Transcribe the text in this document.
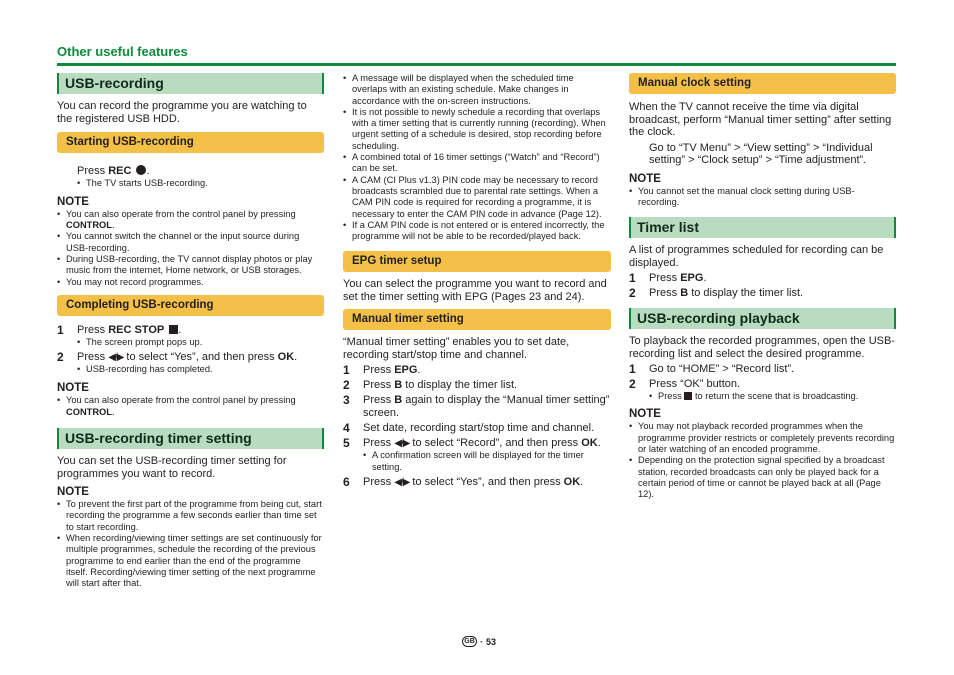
Other useful features
USB-recording
You can record the programme you are watching to the registered USB HDD.
Starting USB-recording
Press REC .
• The TV starts USB-recording.
NOTE
• You can also operate from the control panel by pressing CONTROL.
• You cannot switch the channel or the input source during USB-recording.
• During USB-recording, the TV cannot display photos or play music from the internet, Home network, or USB storages.
• You may not record programmes.
Completing USB-recording
1	Press REC STOP .
• The screen prompt pops up.
2	Press ◀/▶ to select “Yes”, and then press OK.
• USB-recording has completed.
NOTE
• You can also operate from the control panel by pressing CONTROL.
USB-recording timer setting
You can set the USB-recording timer setting for programmes you want to record.
NOTE
• To prevent the first part of the programme from being cut, start recording the programme a few seconds earlier than time set to start recording.
• When recording/viewing timer settings are set continuously for multiple programmes, schedule the recording of the previous programme to end earlier than the end of the programme itself. Recording/viewing timer setting of the next programme will start after that.
• A message will be displayed when the scheduled time overlaps with an existing schedule. Make changes in accordance with the on-screen instructions.
• It is not possible to newly schedule a recording that overlaps with a timer setting that is currently running (recording). When urgent setting of a schedule is desired, stop recording before scheduling.
• A combined total of 16 timer settings (“Watch” and “Record”) can be set.
• A CAM (CI Plus v1.3) PIN code may be necessary to record broadcasts scrambled due to parental rate settings. When a CAM PIN code is required for recording a programme, it is necessary to enter the CAM PIN code in advance (Page 12).
• If a CAM PIN code is not entered or is entered incorrectly, the programme will not be able to be recorded/played back.
EPG timer setup
You can select the programme you want to record and set the timer setting with EPG (Pages 23 and 24).
Manual timer setting
“Manual timer setting” enables you to set date, recording start/stop time and channel.
1	Press EPG.
2	Press B to display the timer list.
3	Press B again to display the “Manual timer setting” screen.
4	Set date, recording start/stop time and channel.
5	Press ◀/▶ to select “Record”, and then press OK.
• A confirmation screen will be displayed for the timer setting.
6	Press ◀/▶ to select “Yes”, and then press OK.
Manual clock setting
When the TV cannot receive the time via digital broadcast, perform “Manual timer setting” after setting the clock.
Go to “TV Menu” > “View setting” > “Individual setting” > “Clock setup” > “Time adjustment”.
NOTE
• You cannot set the manual clock setting during USB-recording.
Timer list
A list of programmes scheduled for recording can be displayed.
1	Press EPG.
2	Press B to display the timer list.
USB-recording playback
To playback the recorded programmes, open the USB-recording list and select the desired programme.
1	Go to “HOME” > “Record list”.
2	Press “OK” button.
• Press to return the scene that is broadcasting.
NOTE
• You may not playback recorded programmes when the programme provider restricts or completely prevents recording or later watching of an encoded programme.
• Depending on the protection signal specified by a broadcast station, recorded broadcasts can only be played back for a certain period of time or cannot be played back at all (Page 12).
GB · 53
